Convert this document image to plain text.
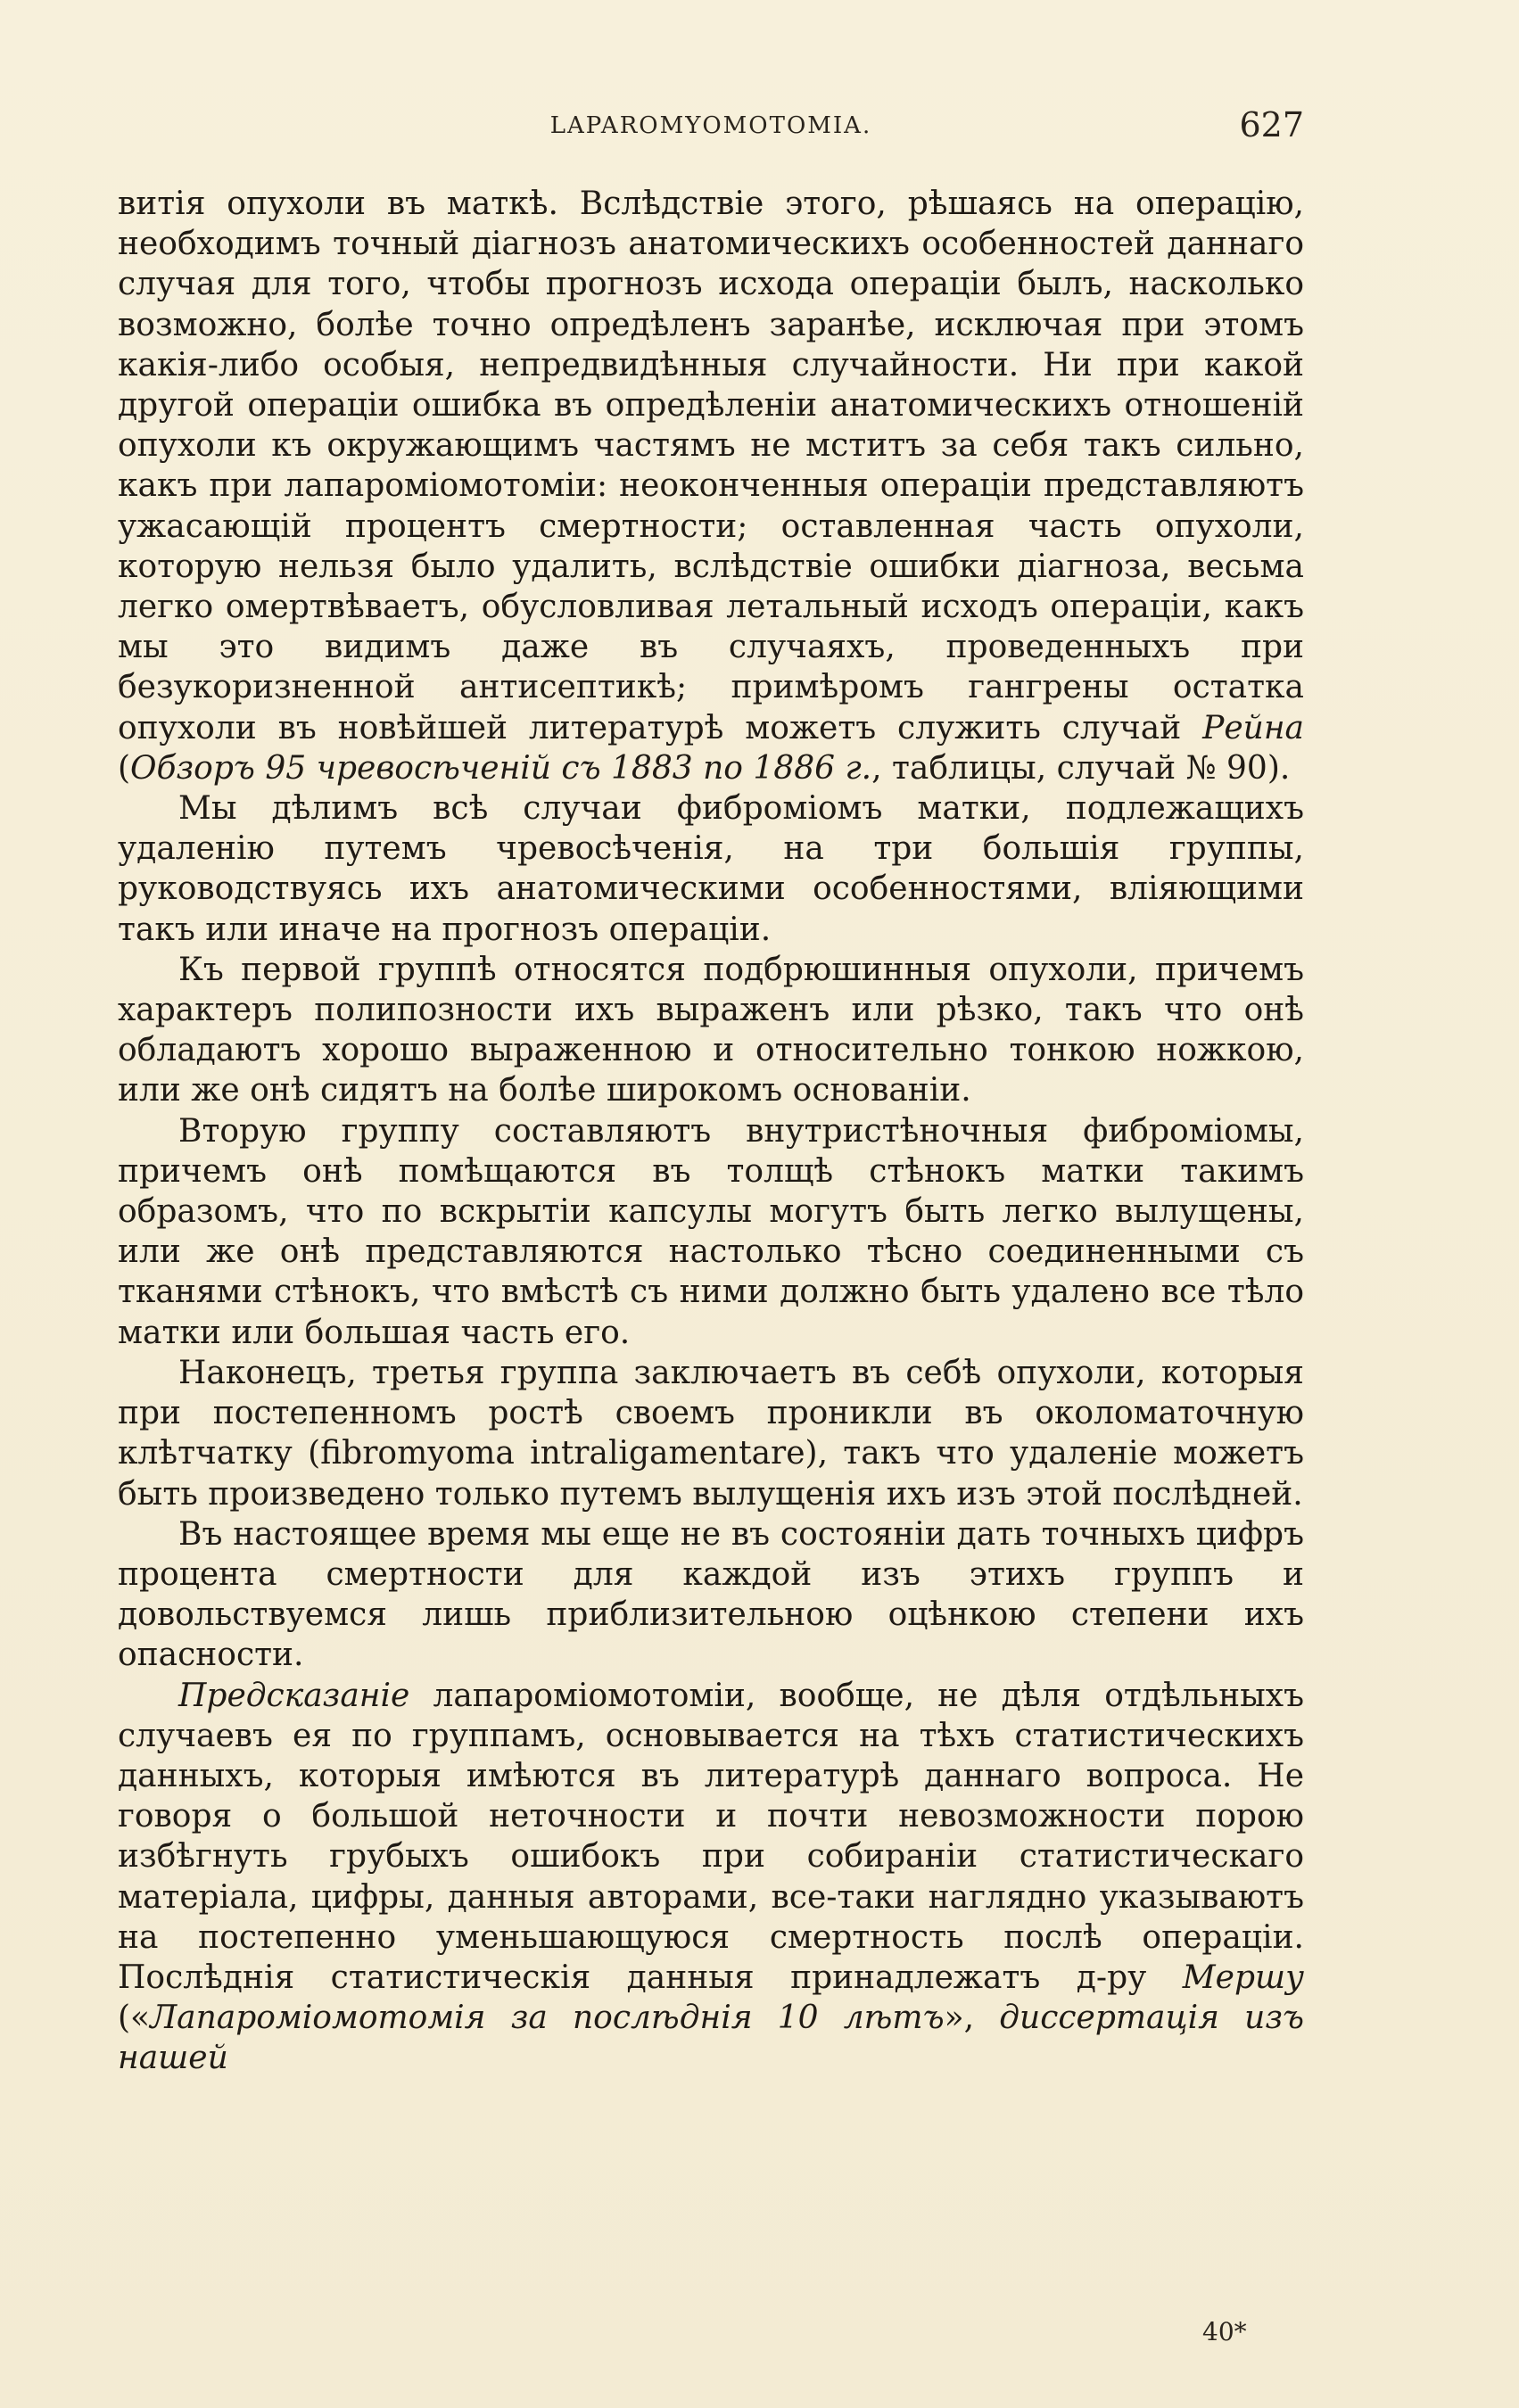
LAPAROMYOMOTOMIA.	627

витія опухоли въ маткѣ. Вслѣдствіе этого, рѣшаясь на операцію, необходимъ точный діагнозъ анатомическихъ особенностей даннаго случая для того, чтобы прогнозъ исхода операціи былъ, насколько возможно, болѣе точно опредѣленъ заранѣе, исключая при этомъ какія-либо особыя, непредвидѣнныя случайности. Ни при какой другой операціи ошибка въ опредѣленіи анатомическихъ отношеній опухоли къ окружающимъ частямъ не мститъ за себя такъ сильно, какъ при лапароміомотоміи: неоконченныя операціи представляютъ ужасающій процентъ смертности; оставленная часть опухоли, которую нельзя было удалить, вслѣдствіе ошибки діагноза, весьма легко омертвѣваетъ, обусловливая летальный исходъ операціи, какъ мы это видимъ даже въ случаяхъ, проведенныхъ при безукоризненной антисептикѣ; примѣромъ гангрены остатка опухоли въ новѣйшей литературѣ можетъ служить случай Рейна (Обзоръ 95 чревосѣченій съ 1883 по 1886 г., таблицы, случай № 90).

Мы дѣлимъ всѣ случаи фиброміомъ матки, подлежащихъ удаленію путемъ чревосѣченія, на три большія группы, руководствуясь ихъ анатомическими особенностями, вліяющими такъ или иначе на прогнозъ операціи.

Къ первой группѣ относятся подбрюшинныя опухоли, причемъ характеръ полипозности ихъ выраженъ или рѣзко, такъ что онѣ обладаютъ хорошо выраженною и относительно тонкою ножкою, или же онѣ сидятъ на болѣе широкомъ основаніи.

Вторую группу составляютъ внутристѣночныя фиброміомы, причемъ онѣ помѣщаются въ толщѣ стѣнокъ матки такимъ образомъ, что по вскрытіи капсулы могутъ быть легко вылущены, или же онѣ представляются настолько тѣсно соединенными съ тканями стѣнокъ, что вмѣстѣ съ ними должно быть удалено все тѣло матки или большая часть его.

Наконецъ, третья группа заключаетъ въ себѣ опухоли, которыя при постепенномъ ростѣ своемъ проникли въ околоматочную клѣтчатку (fibromyoma intraligamentare), такъ что удаленіе можетъ быть произведено только путемъ вылущенія ихъ изъ этой послѣдней.

Въ настоящее время мы еще не въ состояніи дать точныхъ цифръ процента смертности для каждой изъ этихъ группъ и довольствуемся лишь приблизительною оцѣнкою степени ихъ опасности.

Предсказаніе лапароміомотоміи, вообще, не дѣля отдѣльныхъ случаевъ ея по группамъ, основывается на тѣхъ статистическихъ данныхъ, которыя имѣются въ литературѣ даннаго вопроса. Не говоря о большой неточности и почти невозможности порою избѣгнуть грубыхъ ошибокъ при собираніи статистическаго матеріала, цифры, данныя авторами, все-таки наглядно указываютъ на постепенно уменьшающуюся смертность послѣ операціи. Послѣднія статистическія данныя принадлежатъ д-ру Мершу («Лапароміомотомія за послѣднія 10 лѣтъ», диссертація изъ нашей

40*
